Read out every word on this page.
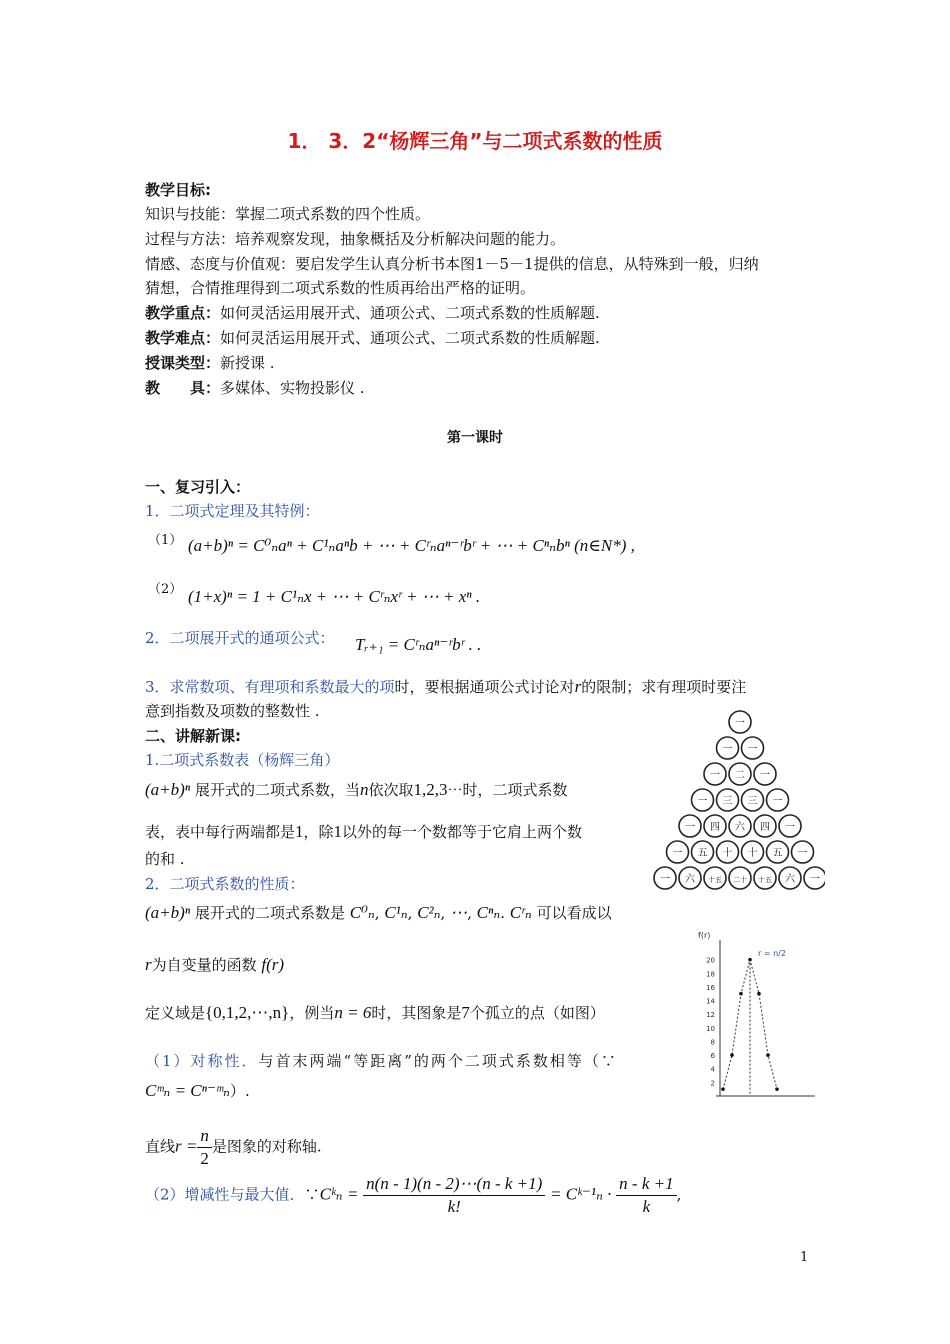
1． 3．2“杨辉三角”与二项式系数的性质
教学目标:
知识与技能：掌握二项式系数的四个性质。
过程与方法：培养观察发现，抽象概括及分析解决问题的能力。
情感、态度与价值观：要启发学生认真分析书本图1－5－1提供的信息，从特殊到一般，归纳
猜想，合情推理得到二项式系数的性质再给出严格的证明。
教学重点：如何灵活运用展开式、通项公式、二项式系数的性质解题.
教学难点：如何灵活运用展开式、通项公式、二项式系数的性质解题.
授课类型：新授课 .
教　　具：多媒体、实物投影仪 .
第一课时
一、复习引入：
1．二项式定理及其特例：
（1） (a+b)ⁿ = C⁰ₙaⁿ + C¹ₙaⁿb + ⋯ + Cʳₙaⁿ⁻ʳbʳ + ⋯ + Cⁿₙbⁿ (n∈N*) ,
（2） (1+x)ⁿ = 1 + C¹ₙx + ⋯ + Cʳₙxʳ + ⋯ + xⁿ .
2．二项展开式的通项公式： Tᵣ₊₁ = Cʳₙaⁿ⁻ʳbʳ . .
3．求常数项、有理项和系数最大的项时，要根据通项公式讨论对r的限制；求有理项时要注
意到指数及项数的整数性 .
二、讲解新课:
1.二项式系数表（杨辉三角）
(a+b)ⁿ 展开式的二项式系数，当n依次取1,2,3⋯时，二项式系数
表，表中每行两端都是1，除1以外的每一个数都等于它肩上两个数
的和 .
2．二项式系数的性质：
(a+b)ⁿ 展开式的二项式系数是 C⁰ₙ, C¹ₙ, C²ₙ, ⋯, Cⁿₙ. Cʳₙ 可以看成以
r为自变量的函数 f(r)
定义域是{0,1,2,⋯,n}，例当n = 6时，其图象是7个孤立的点（如图）
（1）对称性．与首末两端“等距离”的两个二项式系数相等（∵
Cᵐₙ = Cⁿ⁻ᵐₙ）.
直线$r = \frac{n}{2}$ 是图象的对称轴.
（2）增减性与最大值．∵Cᵏₙ = $\frac{n(n - 1)(n - 2)\cdots(n - k +1)}{k!}$ = Cᵏ⁻¹ₙ · $\frac{n - k +1}{k}$ ,
一
一 一
一 二 一
一 三 三 一
一 四 六 四 一
一 五 十 十 五 一
一 六 十五 二十 十五 六 一
f(r)
20
18
16
14
12
10
8
6
4
2
r = n/2
1
